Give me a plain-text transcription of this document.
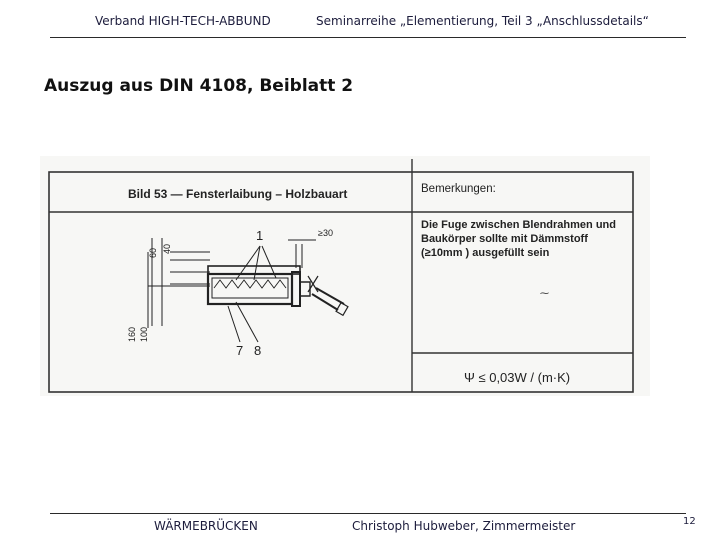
Verband HIGH-TECH-ABBUND	Seminarreihe „Elementierung, Teil 3 „Anschlussdetails“
Auszug aus DIN 4108, Beiblatt 2
Bild 53 — Fensterlaibung – Holzbauart	Bemerkungen:
Die Fuge zwischen Blendrahmen und
Baukörper sollte mit Dämmstoff
(≥10mm ) ausgefüllt sein
Ψ ≤ 0,03W / (m·K)
⁓
60 40
160 100
1
7 8
≥30
WÄRMEBRÜCKEN	Christoph Hubweber, Zimmermeister	12
